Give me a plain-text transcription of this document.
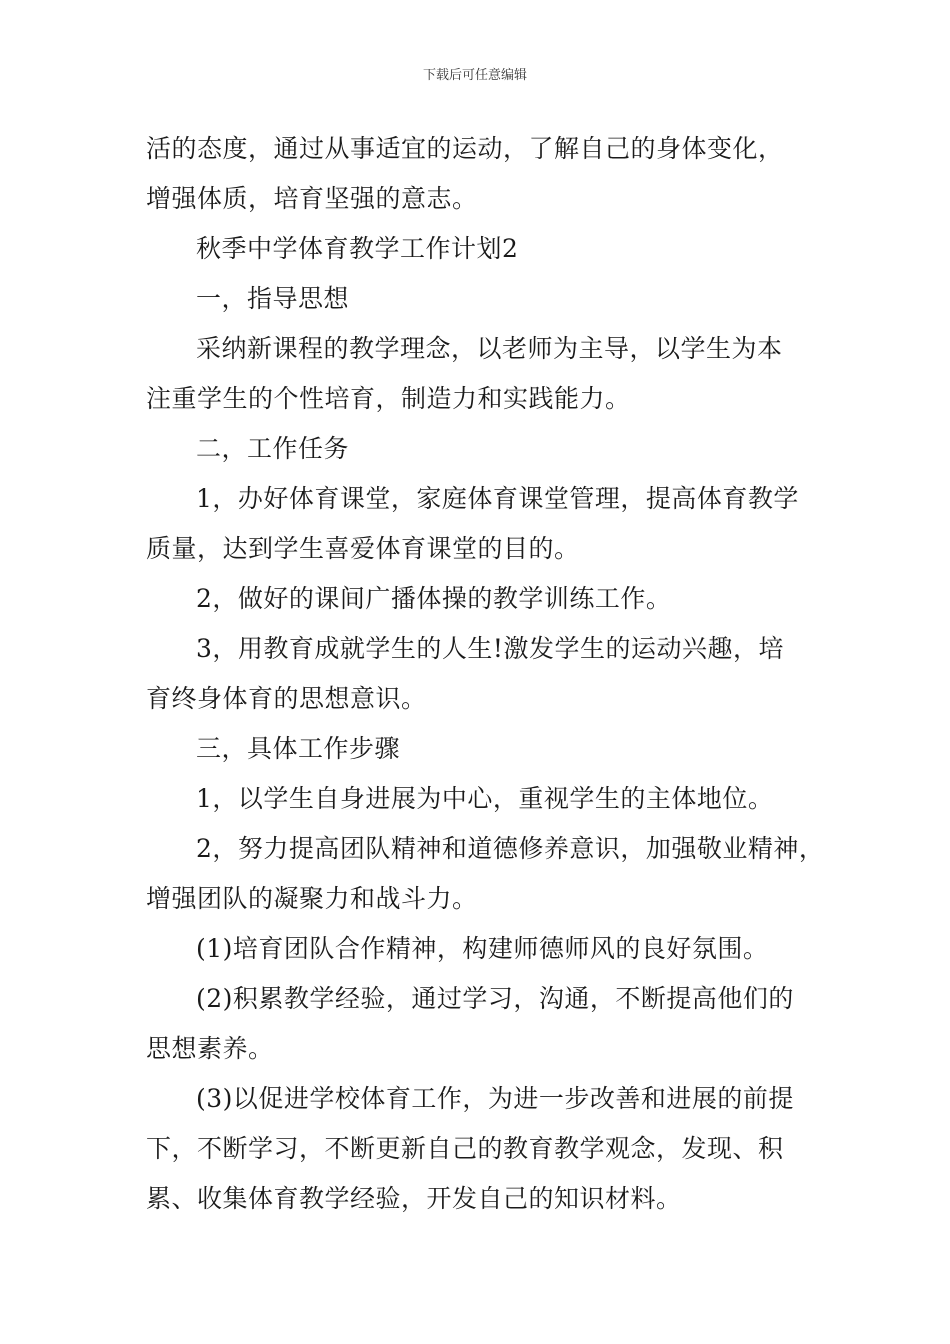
下载后可任意编辑
活的态度，通过从事适宜的运动，了解自己的身体变化，
增强体质，培育坚强的意志。
秋季中学体育教学工作计划2
一，指导思想
采纳新课程的教学理念，以老师为主导，以学生为本
注重学生的个性培育，制造力和实践能力。
二，工作任务
1，办好体育课堂，家庭体育课堂管理，提高体育教学
质量，达到学生喜爱体育课堂的目的。
2，做好的课间广播体操的教学训练工作。
3，用教育成就学生的人生!激发学生的运动兴趣，培
育终身体育的思想意识。
三，具体工作步骤
1，以学生自身进展为中心，重视学生的主体地位。
2，努力提高团队精神和道德修养意识，加强敬业精神，
增强团队的凝聚力和战斗力。
(1)培育团队合作精神，构建师德师风的良好氛围。
(2)积累教学经验，通过学习，沟通，不断提高他们的
思想素养。
(3)以促进学校体育工作，为进一步改善和进展的前提
下，不断学习，不断更新自己的教育教学观念，发现、积
累、收集体育教学经验，开发自己的知识材料。
